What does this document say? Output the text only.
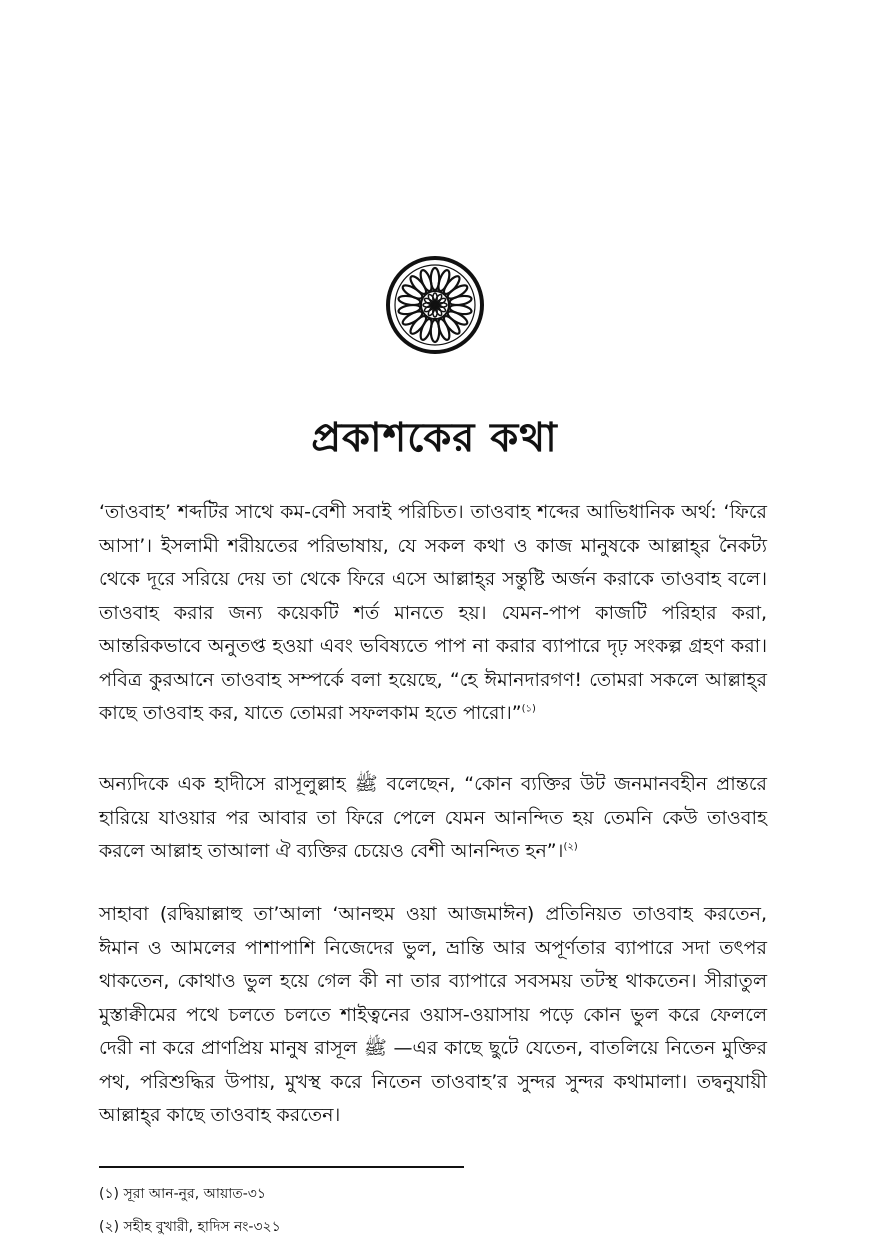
প্রকাশকের কথা
‘তাওবাহ’ শব্দটির সাথে কম-বেশী সবাই পরিচিত। তাওবাহ শব্দের আভিধানিক অর্থ: ‘ফিরে আসা’। ইসলামী শরীয়তের পরিভাষায়, যে সকল কথা ও কাজ মানুষকে আল্লাহ্‌র নৈকট্য থেকে দূরে সরিয়ে দেয় তা থেকে ফিরে এসে আল্লাহ্‌র সন্তুষ্টি অর্জন করাকে তাওবাহ বলে। তাওবাহ করার জন্য কয়েকটি শর্ত মানতে হয়। যেমন-পাপ কাজটি পরিহার করা, আন্তরিকভাবে অনুতপ্ত হওয়া এবং ভবিষ্যতে পাপ না করার ব্যাপারে দৃঢ় সংকল্প গ্রহণ করা। পবিত্র কুরআনে তাওবাহ সম্পর্কে বলা হয়েছে, “হে ঈমানদারগণ! তোমরা সকলে আল্লাহ্‌র কাছে তাওবাহ কর, যাতে তোমরা সফলকাম হতে পারো।”$^{(১)}$
অন্যদিকে এক হাদীসে রাসূলুল্লাহ ﷺ বলেছেন, “কোন ব্যক্তির উট জনমানবহীন প্রান্তরে হারিয়ে যাওয়ার পর আবার তা ফিরে পেলে যেমন আনন্দিত হয় তেমনি কেউ তাওবাহ করলে আল্লাহ তাআলা ঐ ব্যক্তির চেয়েও বেশী আনন্দিত হন”।$^{(২)}$
সাহাবা (রদ্বিয়াল্লাহু তা’আলা ‘আনহুম ওয়া আজমাঈন) প্রতিনিয়ত তাওবাহ করতেন, ঈমান ও আমলের পাশাপাশি নিজেদের ভুল, ভ্রান্তি আর অপূর্ণতার ব্যাপারে সদা তৎপর থাকতেন, কোথাও ভুল হয়ে গেল কী না তার ব্যাপারে সবসময় তটস্থ থাকতেন। সীরাতুল মুস্তাক্বীমের পথে চলতে চলতে শাইত্বনের ওয়াস-ওয়াসায় পড়ে কোন ভুল করে ফেললে দেরী না করে প্রাণপ্রিয় মানুষ রাসূল ﷺ —এর কাছে ছুটে যেতেন, বাতলিয়ে নিতেন মুক্তির পথ, পরিশুদ্ধির উপায়, মুখস্থ করে নিতেন তাওবাহ’র সুন্দর সুন্দর কথামালা। তদ্বনুযায়ী আল্লাহ্‌র কাছে তাওবাহ করতেন।
(১) সূরা আন-নুর, আয়াত-৩১
(২) সহীহ বুখারী, হাদিস নং-৩২১
